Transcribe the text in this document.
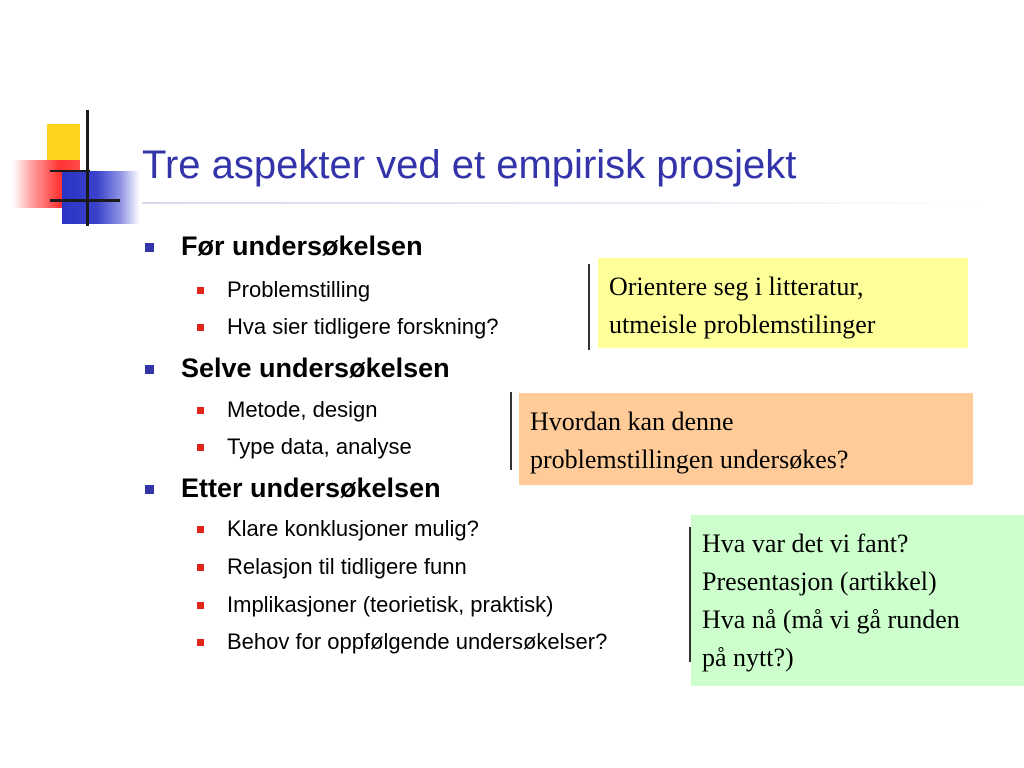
Tre aspekter ved et empirisk prosjekt
Før undersøkelsen
Problemstilling
Hva sier tidligere forskning?
Selve undersøkelsen
Metode, design
Type data, analyse
Etter undersøkelsen
Klare konklusjoner mulig?
Relasjon til tidligere funn
Implikasjoner (teorietisk, praktisk)
Behov for oppfølgende undersøkelser?
Orientere seg i litteratur,
utmeisle problemstilinger
Hvordan kan denne
problemstillingen undersøkes?
Hva var det vi fant?
Presentasjon (artikkel)
Hva nå (må vi gå runden
på nytt?)
